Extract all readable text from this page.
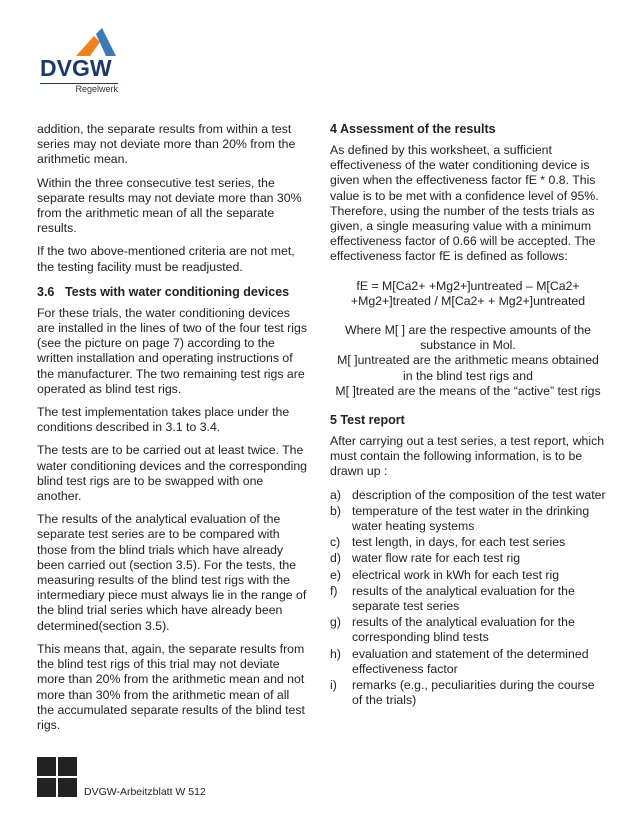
DVGW
Regelwerk

addition, the separate results from within a test series may not deviate more than 20% from the arithmetic mean.

Within the three consecutive test series, the separate results may not deviate more than 30% from the arithmetic mean of all the separate results.

If the two above-mentioned criteria are not met, the testing facility must be readjusted.

3.6 Tests with water conditioning devices

For these trials, the water conditioning devices are installed in the lines of two of the four test rigs (see the picture on page 7) according to the written installation and operating instructions of the manufacturer. The two remaining test rigs are operated as blind test rigs.

The test implementation takes place under the conditions described in 3.1 to 3.4.

The tests are to be carried out at least twice. The water conditioning devices and the corresponding blind test rigs are to be swapped with one another.

The results of the analytical evaluation of the separate test series are to be compared with those from the blind trials which have already been carried out (section 3.5). For the tests, the measuring results of the blind test rigs with the intermediary piece must always lie in the range of the blind trial series which have already been determined(section 3.5).

This means that, again, the separate results from the blind test rigs of this trial may not deviate more than 20% from the arithmetic mean and not more than 30% from the arithmetic mean of all the accumulated separate results of the blind test rigs.

4 Assessment of the results

As defined by this worksheet, a sufficient effectiveness of the water conditioning device is given when the effectiveness factor fE * 0.8. This value is to be met with a confidence level of 95%. Therefore, using the number of the tests trials as given, a single measuring value with a minimum effectiveness factor of 0.66 will be accepted. The effectiveness factor fE is defined as follows:

fE = M[Ca2+ +Mg2+]untreated – M[Ca2+
+Mg2+]treated / M[Ca2+ + Mg2+]untreated
Where M[ ] are the respective amounts of the
substance in Mol.
M[ ]untreated are the arithmetic means obtained
in the blind test rigs and
M[ ]treated are the means of the “active” test rigs
5 Test report

After carrying out a test series, a test report, which must contain the following information, is to be drawn up :

a) description of the composition of the test water
b) temperature of the test water in the drinking water heating systems
c) test length, in days, for each test series
d) water flow rate for each test rig
e) electrical work in kWh for each test rig
f) results of the analytical evaluation for the separate test series
g) results of the analytical evaluation for the corresponding blind tests
h) evaluation and statement of the determined effectiveness factor
i) remarks (e.g., peculiarities during the course of the trials)
DVGW-Arbeitzblatt W 512
